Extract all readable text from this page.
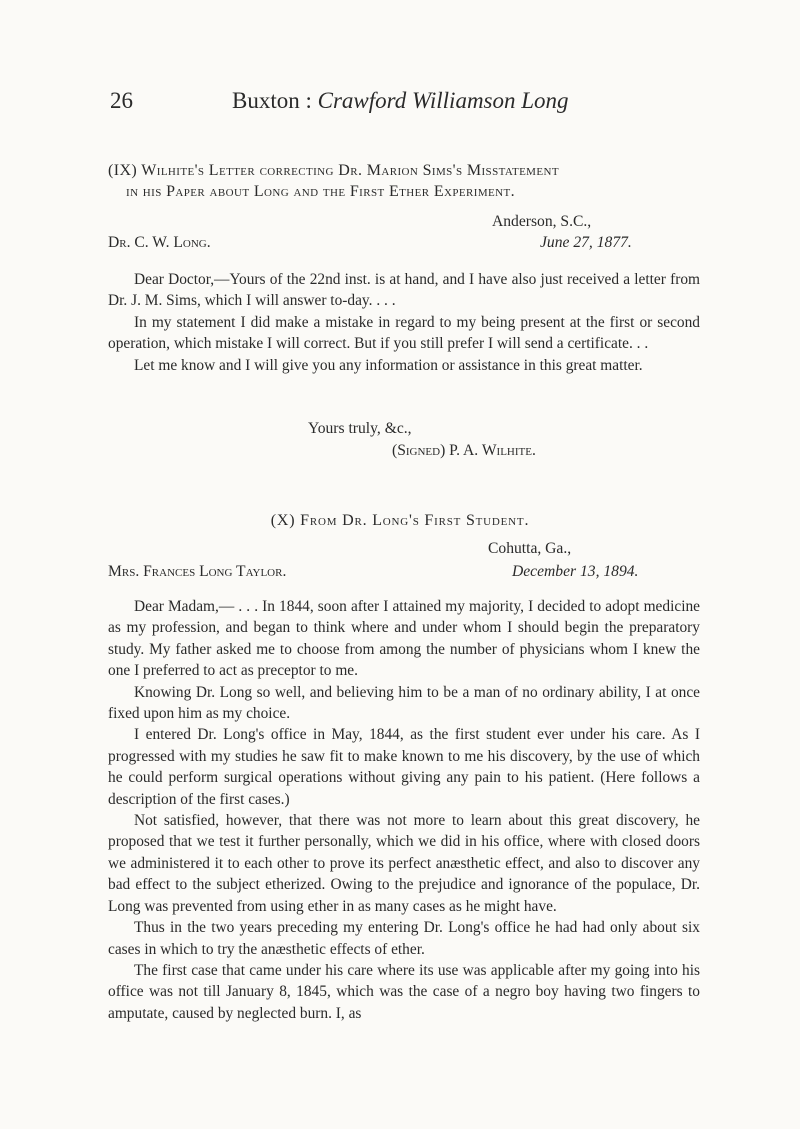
26	Buxton : Crawford Williamson Long
(IX) Wilhite's Letter correcting Dr. Marion Sims's Misstatement
in his Paper about Long and the First Ether Experiment.
Anderson, S.C.,
Dr. C. W. Long.	June 27, 1877.

Dear Doctor,—Yours of the 22nd inst. is at hand, and I have also just received a letter from Dr. J. M. Sims, which I will answer to-day. . . .

In my statement I did make a mistake in regard to my being present at the first or second operation, which mistake I will correct. But if you still prefer I will send a certificate. . .

Let me know and I will give you any information or assistance in this great matter.

Yours truly, &c.,
(Signed) P. A. Wilhite.
(X) From Dr. Long's First Student.
Cohutta, Ga.,
Mrs. Frances Long Taylor.	December 13, 1894.

Dear Madam,— . . . In 1844, soon after I attained my majority, I decided to adopt medicine as my profession, and began to think where and under whom I should begin the preparatory study. My father asked me to choose from among the number of physicians whom I knew the one I preferred to act as preceptor to me.

Knowing Dr. Long so well, and believing him to be a man of no ordinary ability, I at once fixed upon him as my choice.

I entered Dr. Long's office in May, 1844, as the first student ever under his care. As I progressed with my studies he saw fit to make known to me his discovery, by the use of which he could perform surgical operations without giving any pain to his patient. (Here follows a description of the first cases.)

Not satisfied, however, that there was not more to learn about this great discovery, he proposed that we test it further personally, which we did in his office, where with closed doors we administered it to each other to prove its perfect anæsthetic effect, and also to discover any bad effect to the subject etherized. Owing to the prejudice and ignorance of the populace, Dr. Long was prevented from using ether in as many cases as he might have.

Thus in the two years preceding my entering Dr. Long's office he had had only about six cases in which to try the anæsthetic effects of ether.

The first case that came under his care where its use was applicable after my going into his office was not till January 8, 1845, which was the case of a negro boy having two fingers to amputate, caused by neglected burn. I, as
